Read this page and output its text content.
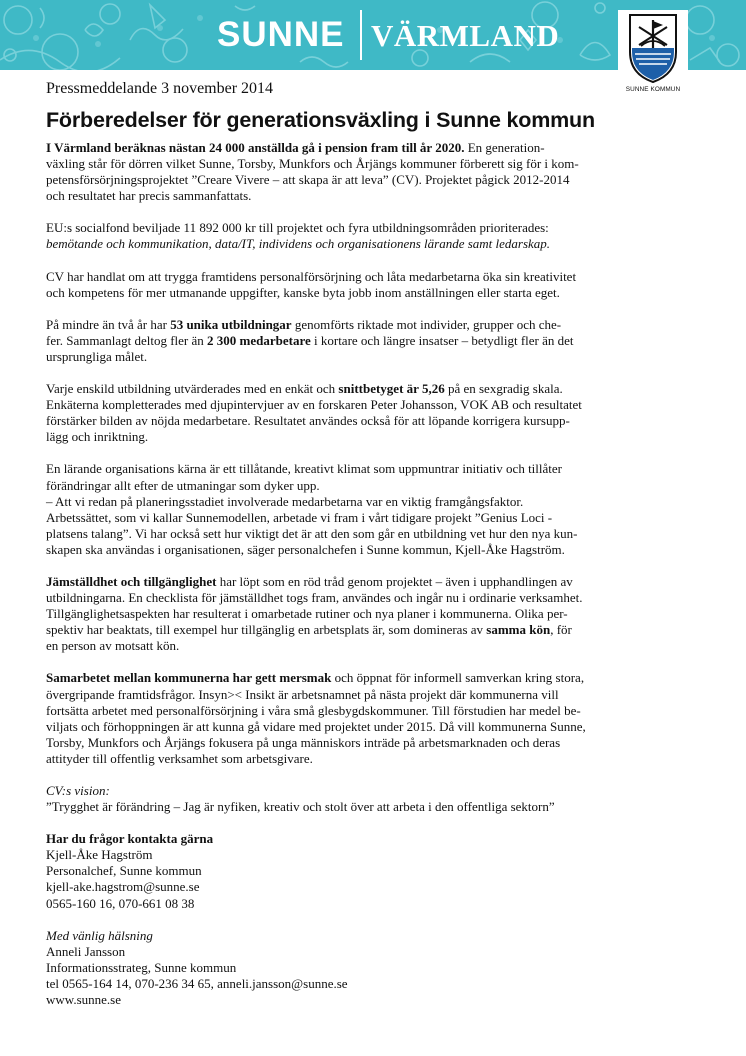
SUNNE VÄRMLAND
SUNNE KOMMUN
Pressmeddelande 3 november 2014
Förberedelser för generationsväxling i Sunne kommun
I Värmland beräknas nästan 24 000 anställda gå i pension fram till år 2020. En generation-
växling står för dörren vilket Sunne, Torsby, Munkfors och Årjängs kommuner förberett sig för i kom-
petensförsörjningsprojektet ”Creare Vivere – att skapa är att leva” (CV). Projektet pågick 2012-2014
och resultatet har precis sammanfattats.
EU:s socialfond beviljade 11 892 000 kr till projektet och fyra utbildningsområden prioriterades:
bemötande och kommunikation, data/IT, individens och organisationens lärande samt ledarskap.
CV har handlat om att trygga framtidens personalförsörjning och låta medarbetarna öka sin kreativitet
och kompetens för mer utmanande uppgifter, kanske byta jobb inom anställningen eller starta eget.
På mindre än två år har 53 unika utbildningar genomförts riktade mot individer, grupper och che-
fer. Sammanlagt deltog fler än 2 300 medarbetare i kortare och längre insatser – betydligt fler än det
ursprungliga målet.
Varje enskild utbildning utvärderades med en enkät och snittbetyget är 5,26 på en sexgradig skala.
Enkäterna kompletterades med djupintervjuer av en forskaren Peter Johansson, VOK AB och resultatet
förstärker bilden av nöjda medarbetare. Resultatet användes också för att löpande korrigera kursupp-
lägg och inriktning.
En lärande organisations kärna är ett tillåtande, kreativt klimat som uppmuntrar initiativ och tillåter
förändringar allt efter de utmaningar som dyker upp.
– Att vi redan på planeringsstadiet involverade medarbetarna var en viktig framgångsfaktor.
Arbetssättet, som vi kallar Sunnemodellen, arbetade vi fram i vårt tidigare projekt ”Genius Loci -
platsens talang”. Vi har också sett hur viktigt det är att den som går en utbildning vet hur den nya kun-
skapen ska användas i organisationen, säger personalchefen i Sunne kommun, Kjell-Åke Hagström.
Jämställdhet och tillgänglighet har löpt som en röd tråd genom projektet – även i upphandlingen av
utbildningarna. En checklista för jämställdhet togs fram, användes och ingår nu i ordinarie verksamhet.
Tillgänglighetsaspekten har resulterat i omarbetade rutiner och nya planer i kommunerna. Olika per-
spektiv har beaktats, till exempel hur tillgänglig en arbetsplats är, som domineras av samma kön, för
en person av motsatt kön.
Samarbetet mellan kommunerna har gett mersmak och öppnat för informell samverkan kring stora,
övergripande framtidsfrågor. Insyn>< Insikt är arbetsnamnet på nästa projekt där kommunerna vill
fortsätta arbetet med personalförsörjning i våra små glesbygdskommuner. Till förstudien har medel be-
viljats och förhoppningen är att kunna gå vidare med projektet under 2015. Då vill kommunerna Sunne,
Torsby, Munkfors och Årjängs fokusera på unga människors inträde på arbetsmarknaden och deras
attityder till offentlig verksamhet som arbetsgivare.
CV:s vision:
”Trygghet är förändring – Jag är nyfiken, kreativ och stolt över att arbeta i den offentliga sektorn”
Har du frågor kontakta gärna
Kjell-Åke Hagström
Personalchef, Sunne kommun
kjell-ake.hagstrom@sunne.se
0565-160 16, 070-661 08 38
Med vänlig hälsning
Anneli Jansson
Informationsstrateg, Sunne kommun
tel 0565-164 14, 070-236 34 65, anneli.jansson@sunne.se
www.sunne.se
